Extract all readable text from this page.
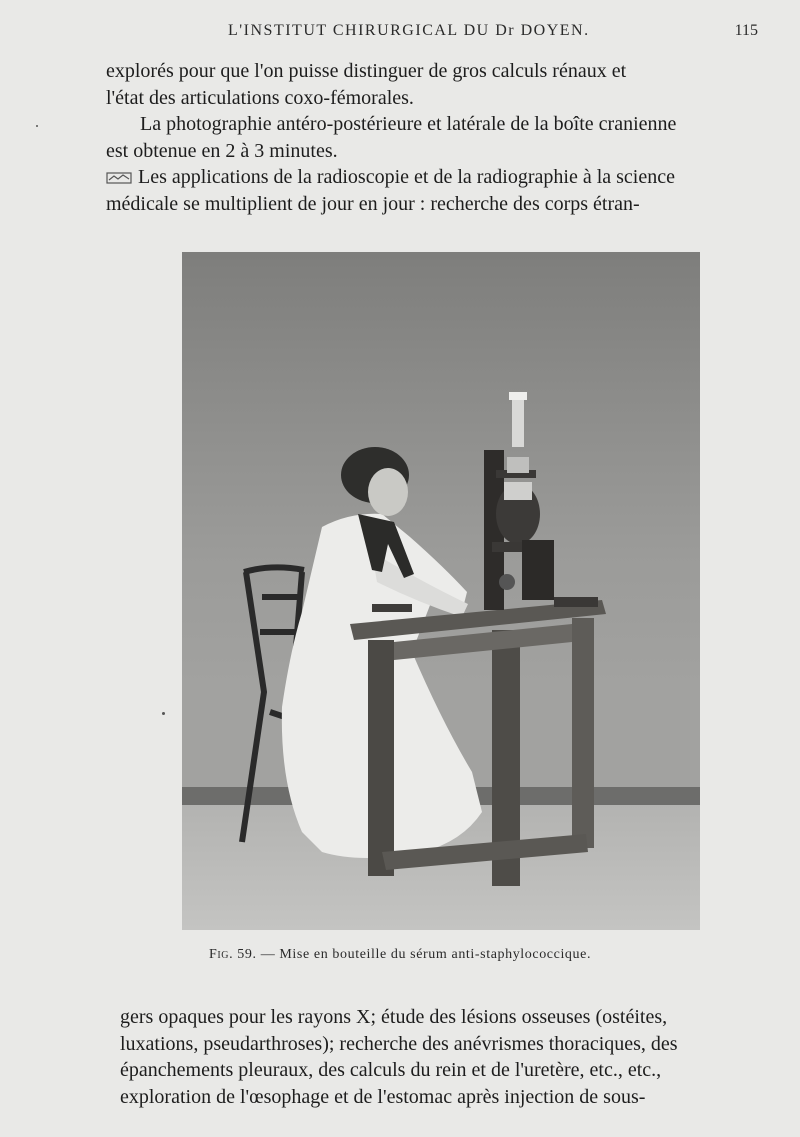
L'INSTITUT CHIRURGICAL DU Dr DOYEN.	115
explorés pour que l'on puisse distinguer de gros calculs rénaux et
l'état des articulations coxo-fémorales.
La photographie antéro-postérieure et latérale de la boîte cranienne
est obtenue en 2 à 3 minutes.
Les applications de la radioscopie et de la radiographie à la science
médicale se multiplient de jour en jour : recherche des corps étran-
Fig. 59. — Mise en bouteille du sérum anti-staphylococcique.
gers opaques pour les rayons X; étude des lésions osseuses (ostéites,
luxations, pseudarthroses); recherche des anévrismes thoraciques, des
épanchements pleuraux, des calculs du rein et de l'uretère, etc., etc.,
exploration de l'œsophage et de l'estomac après injection de sous-
